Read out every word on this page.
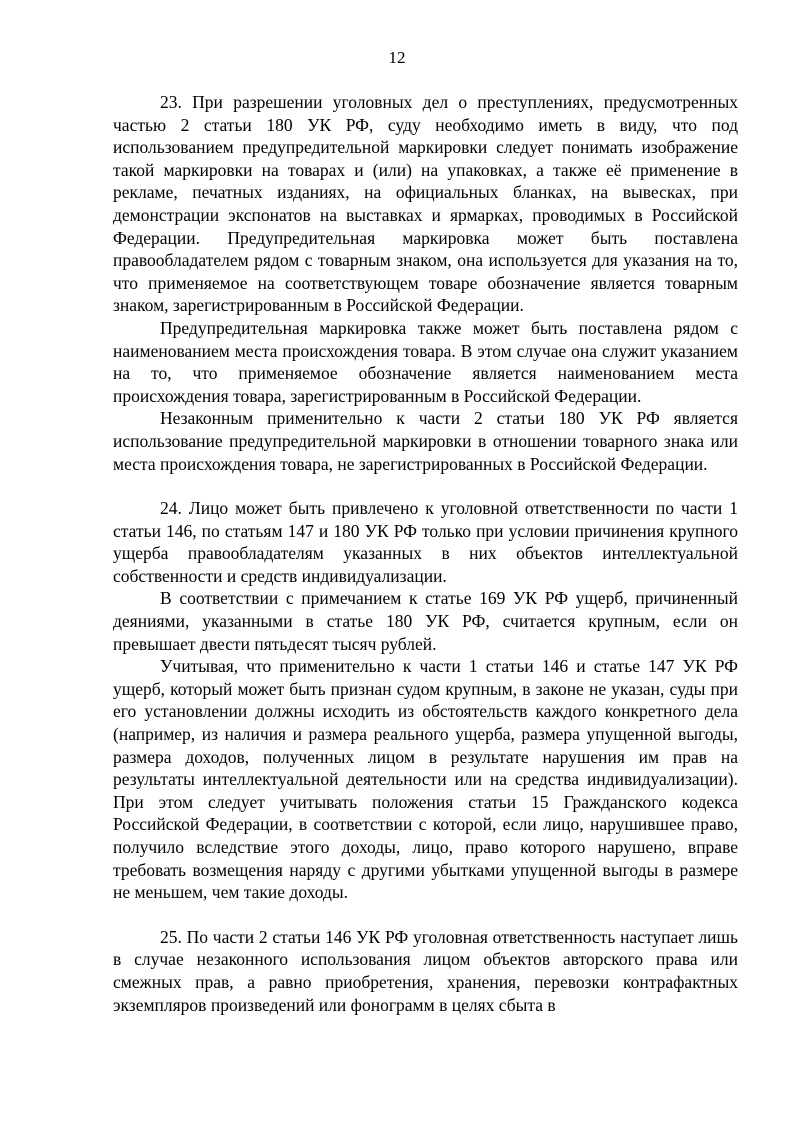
12

23. При разрешении уголовных дел о преступлениях, предусмотренных частью 2 статьи 180 УК РФ, суду необходимо иметь в виду, что под использованием предупредительной маркировки следует понимать изображение такой маркировки на товарах и (или) на упаковках, а также её применение в рекламе, печатных изданиях, на официальных бланках, на вывесках, при демонстрации экспонатов на выставках и ярмарках, проводимых в Российской Федерации. Предупредительная маркировка может быть поставлена правообладателем рядом с товарным знаком, она используется для указания на то, что применяемое на соответствующем товаре обозначение является товарным знаком, зарегистрированным в Российской Федерации.

Предупредительная маркировка также может быть поставлена рядом с наименованием места происхождения товара. В этом случае она служит указанием на то, что применяемое обозначение является наименованием места происхождения товара, зарегистрированным в Российской Федерации.

Незаконным применительно к части 2 статьи 180 УК РФ является использование предупредительной маркировки в отношении товарного знака или места происхождения товара, не зарегистрированных в Российской Федерации.

24. Лицо может быть привлечено к уголовной ответственности по части 1 статьи 146, по статьям 147 и 180 УК РФ только при условии причинения крупного ущерба правообладателям указанных в них объектов интеллектуальной собственности и средств индивидуализации.

В соответствии с примечанием к статье 169 УК РФ ущерб, причиненный деяниями, указанными в статье 180 УК РФ, считается крупным, если он превышает двести пятьдесят тысяч рублей.

Учитывая, что применительно к части 1 статьи 146 и статье 147 УК РФ ущерб, который может быть признан судом крупным, в законе не указан, суды при его установлении должны исходить из обстоятельств каждого конкретного дела (например, из наличия и размера реального ущерба, размера упущенной выгоды, размера доходов, полученных лицом в результате нарушения им прав на результаты интеллектуальной деятельности или на средства индивидуализации). При этом следует учитывать положения статьи 15 Гражданского кодекса Российской Федерации, в соответствии с которой, если лицо, нарушившее право, получило вследствие этого доходы, лицо, право которого нарушено, вправе требовать возмещения наряду с другими убытками упущенной выгоды в размере не меньшем, чем такие доходы.

25. По части 2 статьи 146 УК РФ уголовная ответственность наступает лишь в случае незаконного использования лицом объектов авторского права или смежных прав, а равно приобретения, хранения, перевозки контрафактных экземпляров произведений или фонограмм в целях сбыта в
